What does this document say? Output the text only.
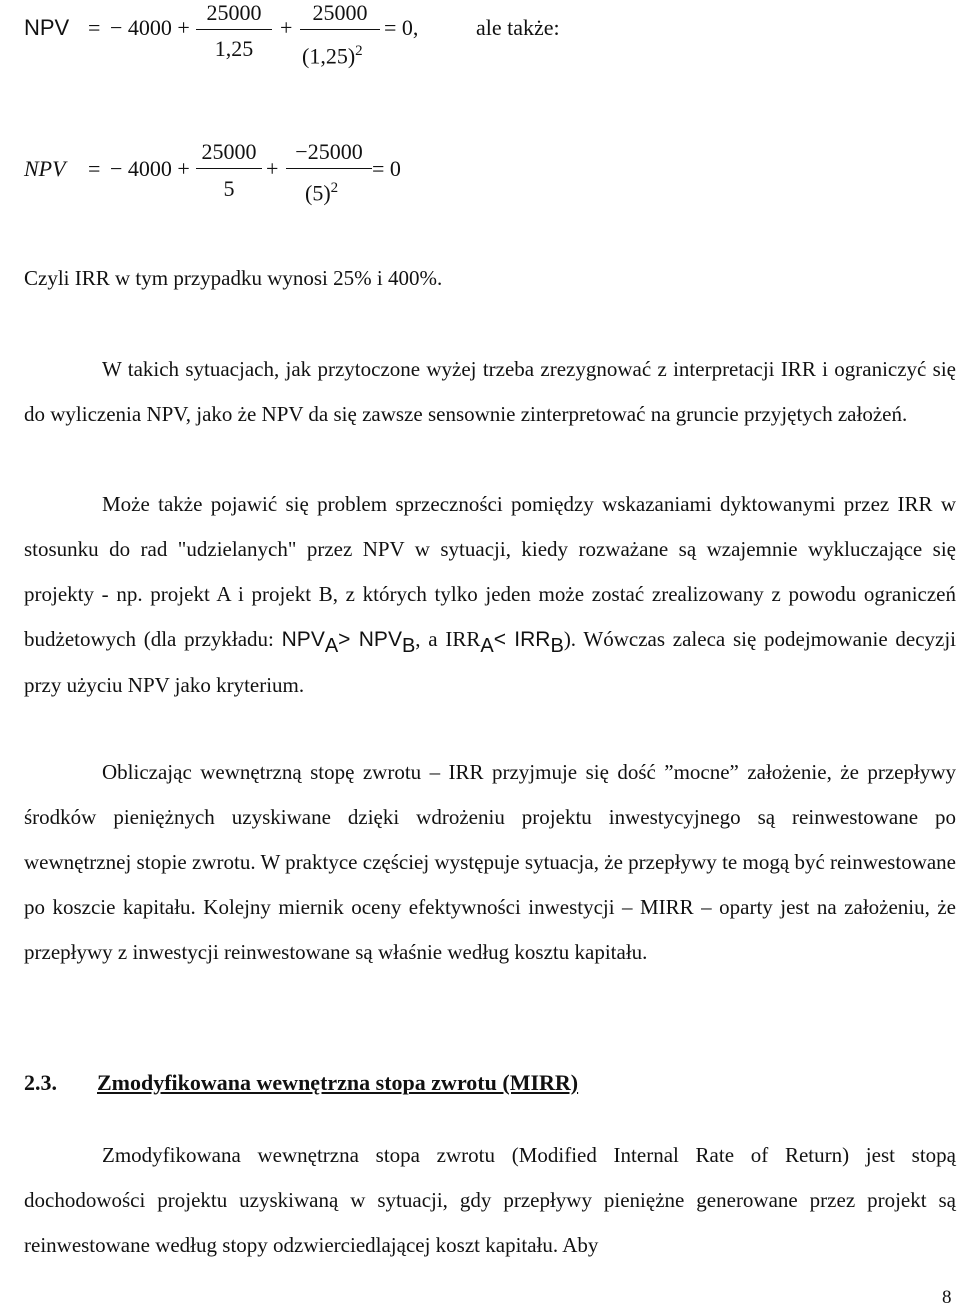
NPV = − 4000 +
25000
1,25
+
25000
$(1,25)^2$
= 0,	ale także:
NPV = − 4000 +
25000
5
+
−25000
$(5)^2$
= 0
Czyli IRR w tym przypadku wynosi 25% i 400%.
W takich sytuacjach, jak przytoczone wyżej trzeba zrezygnować z interpretacji IRR i ograniczyć się do wyliczenia NPV, jako że NPV da się zawsze sensownie zinterpretować na gruncie przyjętych założeń.
Może także pojawić się problem sprzeczności pomiędzy wskazaniami dyktowanymi przez IRR w stosunku do rad "udzielanych" przez NPV w sytuacji, kiedy rozważane są wzajemnie wykluczające się projekty - np. projekt A i projekt B, z których tylko jeden może zostać zrealizowany z powodu ograniczeń budżetowych (dla przykładu: NPVA> NPVB, a IRRA< IRRB). Wówczas zaleca się podejmowanie decyzji przy użyciu NPV jako kryterium.
Obliczając wewnętrzną stopę zwrotu – IRR przyjmuje się dość ”mocne” założenie, że przepływy środków pieniężnych uzyskiwane dzięki wdrożeniu projektu inwestycyjnego są reinwestowane po wewnętrznej stopie zwrotu. W praktyce częściej występuje sytuacja, że przepływy te mogą być reinwestowane po koszcie kapitału. Kolejny miernik oceny efektywności inwestycji – MIRR – oparty jest na założeniu, że przepływy z inwestycji reinwestowane są właśnie według kosztu kapitału.
2.3. Zmodyfikowana wewnętrzna stopa zwrotu (MIRR)
Zmodyfikowana wewnętrzna stopa zwrotu (Modified Internal Rate of Return) jest stopą dochodowości projektu uzyskiwaną w sytuacji, gdy przepływy pieniężne generowane przez projekt są reinwestowane według stopy odzwierciedlającej koszt kapitału. Aby
8
